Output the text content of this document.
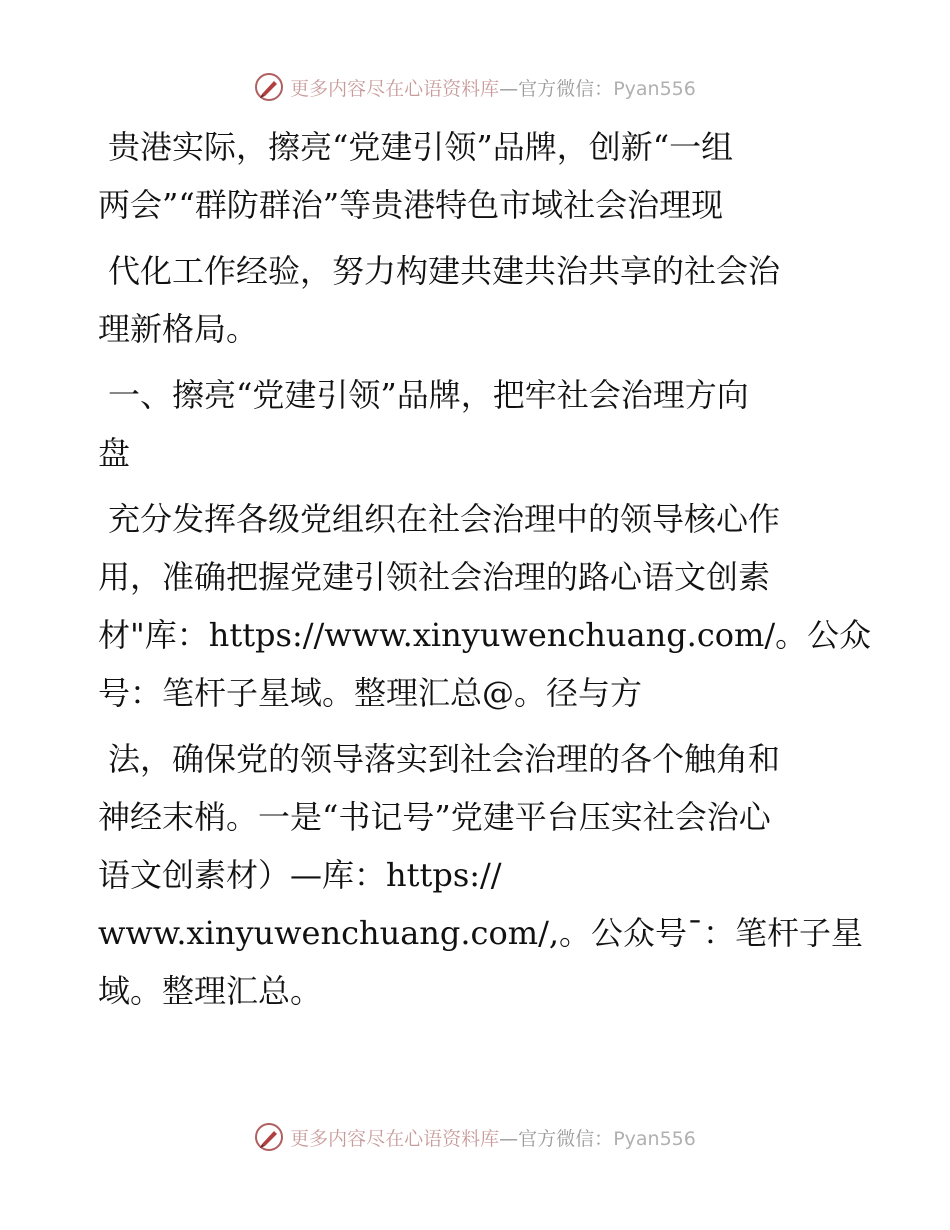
更多内容尽在心语资料库—官方微信：Pyan556

贵港实际，擦亮“党建引领”品牌，创新“一组
两会”“群防群治”等贵港特色市域社会治理现

代化工作经验，努力构建共建共治共享的社会治
理新格局。

一、擦亮“党建引领”品牌，把牢社会治理方向
盘

充分发挥各级党组织在社会治理中的领导核心作
用，准确把握党建引领社会治理的路心语文创素
材"库：https://www.xinyuwenchuang.com/。公众
号：笔杆子星域。整理汇总@。径与方

法，确保党的领导落实到社会治理的各个触角和
神经末梢。一是“书记号”党建平台压实社会治心
语文创素材）—库：https://
www.xinyuwenchuang.com/,。公众号¯：笔杆子星
域。整理汇总。

更多内容尽在心语资料库—官方微信：Pyan556
